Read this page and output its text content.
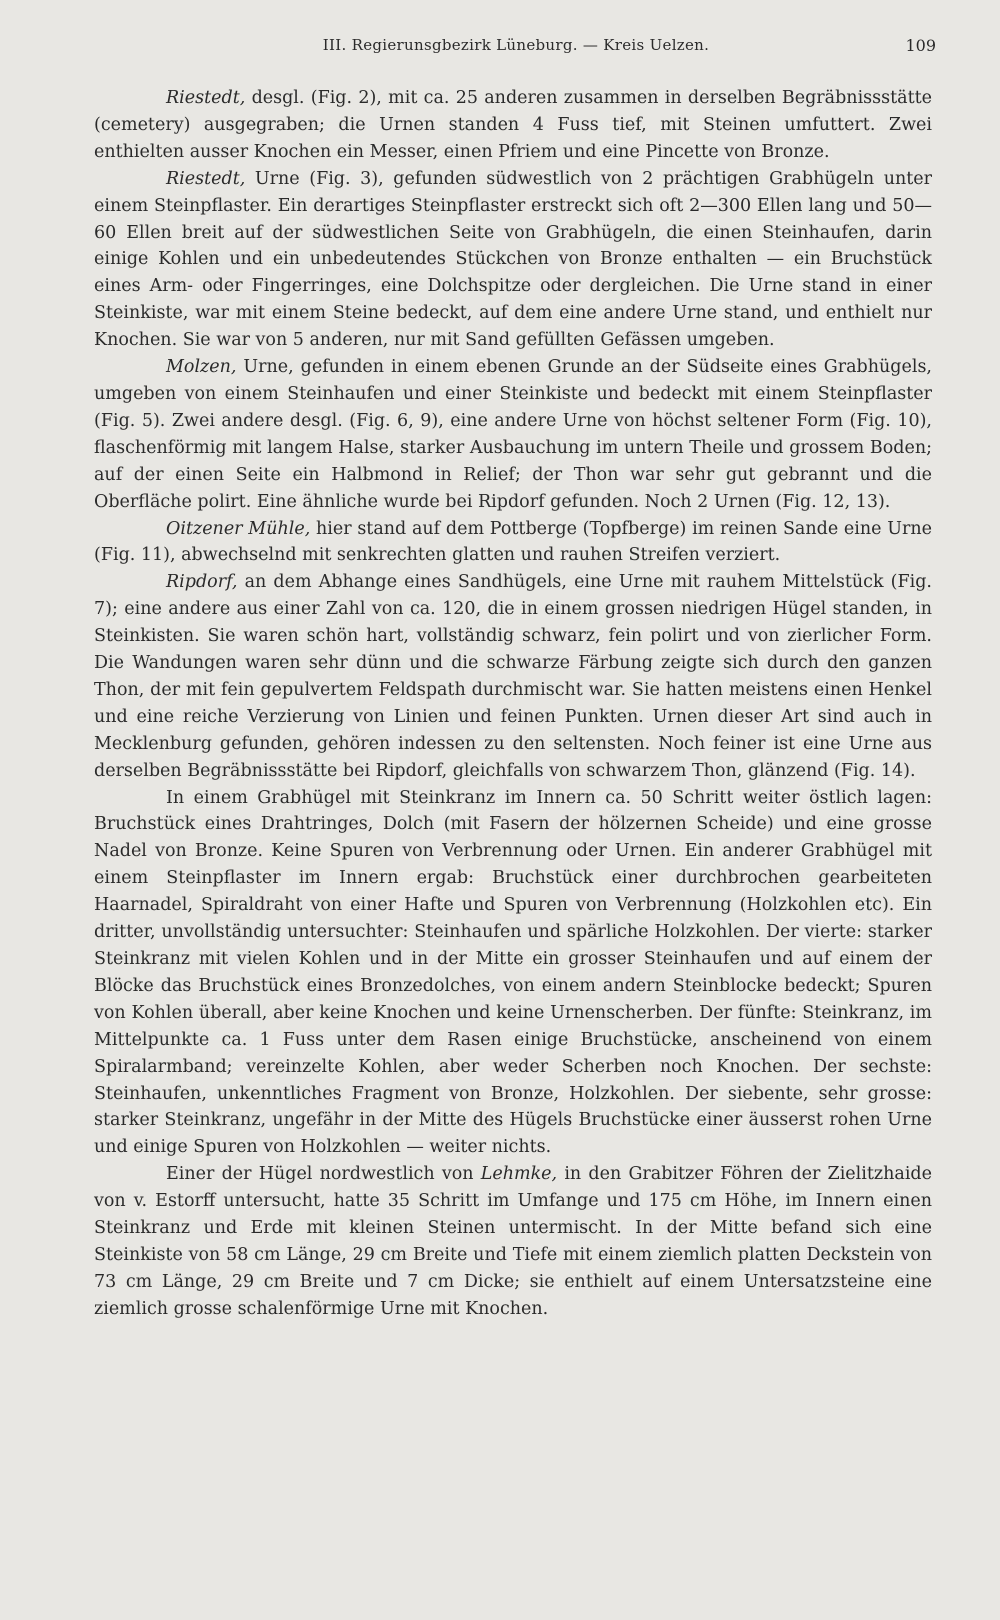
III. Regierunsgbezirk Lüneburg. — Kreis Uelzen.	109

Riestedt, desgl. (Fig. 2), mit ca. 25 anderen zusammen in derselben Begräbnissstätte (cemetery) ausgegraben; die Urnen standen 4 Fuss tief, mit Steinen umfuttert. Zwei enthielten ausser Knochen ein Messer, einen Pfriem und eine Pincette von Bronze.

Riestedt, Urne (Fig. 3), gefunden südwestlich von 2 prächtigen Grabhügeln unter einem Steinpflaster. Ein derartiges Steinpflaster erstreckt sich oft 2—300 Ellen lang und 50—60 Ellen breit auf der südwestlichen Seite von Grabhügeln, die einen Steinhaufen, darin einige Kohlen und ein unbedeutendes Stückchen von Bronze enthalten — ein Bruchstück eines Arm- oder Fingerringes, eine Dolchspitze oder dergleichen. Die Urne stand in einer Steinkiste, war mit einem Steine bedeckt, auf dem eine andere Urne stand, und enthielt nur Knochen. Sie war von 5 anderen, nur mit Sand gefüllten Gefässen umgeben.

Molzen, Urne, gefunden in einem ebenen Grunde an der Südseite eines Grabhügels, umgeben von einem Steinhaufen und einer Steinkiste und bedeckt mit einem Steinpflaster (Fig. 5). Zwei andere desgl. (Fig. 6, 9), eine andere Urne von höchst seltener Form (Fig. 10), flaschenförmig mit langem Halse, starker Ausbauchung im untern Theile und grossem Boden; auf der einen Seite ein Halbmond in Relief; der Thon war sehr gut gebrannt und die Oberfläche polirt. Eine ähnliche wurde bei Ripdorf gefunden. Noch 2 Urnen (Fig. 12, 13).

Oitzener Mühle, hier stand auf dem Pottberge (Topfberge) im reinen Sande eine Urne (Fig. 11), abwechselnd mit senkrechten glatten und rauhen Streifen verziert.

Ripdorf, an dem Abhange eines Sandhügels, eine Urne mit rauhem Mittelstück (Fig. 7); eine andere aus einer Zahl von ca. 120, die in einem grossen niedrigen Hügel standen, in Steinkisten. Sie waren schön hart, vollständig schwarz, fein polirt und von zierlicher Form. Die Wandungen waren sehr dünn und die schwarze Färbung zeigte sich durch den ganzen Thon, der mit fein gepulvertem Feldspath durchmischt war. Sie hatten meistens einen Henkel und eine reiche Verzierung von Linien und feinen Punkten. Urnen dieser Art sind auch in Mecklenburg gefunden, gehören indessen zu den seltensten. Noch feiner ist eine Urne aus derselben Begräbnissstätte bei Ripdorf, gleichfalls von schwarzem Thon, glänzend (Fig. 14).

In einem Grabhügel mit Steinkranz im Innern ca. 50 Schritt weiter östlich lagen: Bruchstück eines Drahtringes, Dolch (mit Fasern der hölzernen Scheide) und eine grosse Nadel von Bronze. Keine Spuren von Verbrennung oder Urnen. Ein anderer Grabhügel mit einem Steinpflaster im Innern ergab: Bruchstück einer durchbrochen gearbeiteten Haarnadel, Spiraldraht von einer Hafte und Spuren von Verbrennung (Holzkohlen etc). Ein dritter, unvollständig untersuchter: Steinhaufen und spärliche Holzkohlen. Der vierte: starker Steinkranz mit vielen Kohlen und in der Mitte ein grosser Steinhaufen und auf einem der Blöcke das Bruchstück eines Bronzedolches, von einem andern Steinblocke bedeckt; Spuren von Kohlen überall, aber keine Knochen und keine Urnenscherben. Der fünfte: Steinkranz, im Mittelpunkte ca. 1 Fuss unter dem Rasen einige Bruchstücke, anscheinend von einem Spiralarmband; vereinzelte Kohlen, aber weder Scherben noch Knochen. Der sechste: Steinhaufen, unkenntliches Fragment von Bronze, Holzkohlen. Der siebente, sehr grosse: starker Steinkranz, ungefähr in der Mitte des Hügels Bruchstücke einer äusserst rohen Urne und einige Spuren von Holzkohlen — weiter nichts.

Einer der Hügel nordwestlich von Lehmke, in den Grabitzer Föhren der Zielitzhaide von v. Estorff untersucht, hatte 35 Schritt im Umfange und 175 cm Höhe, im Innern einen Steinkranz und Erde mit kleinen Steinen untermischt. In der Mitte befand sich eine Steinkiste von 58 cm Länge, 29 cm Breite und Tiefe mit einem ziemlich platten Deckstein von 73 cm Länge, 29 cm Breite und 7 cm Dicke; sie enthielt auf einem Untersatzsteine eine ziemlich grosse schalenförmige Urne mit Knochen.
